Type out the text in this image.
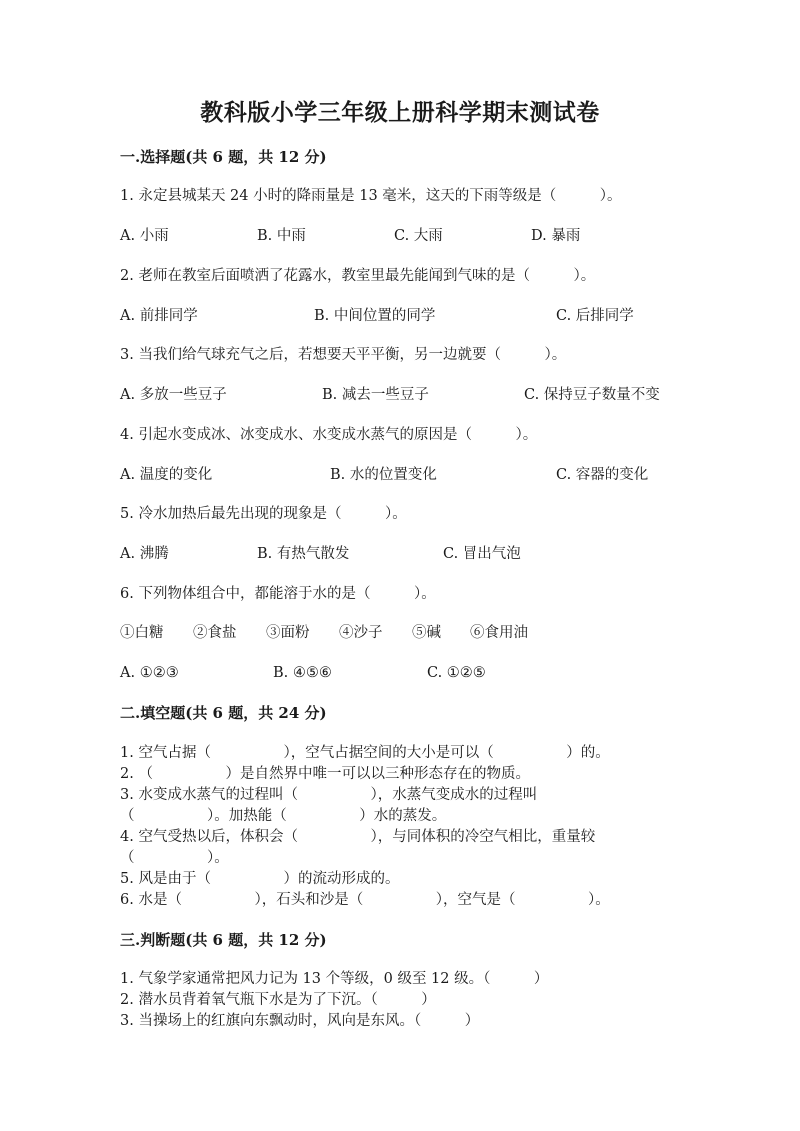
教科版小学三年级上册科学期末测试卷
一.选择题(共 6 题，共 12 分)
1. 永定县城某天 24 小时的降雨量是 13 毫米，这天的下雨等级是（　　　）。
A. 小雨	B. 中雨	C. 大雨	D. 暴雨
2. 老师在教室后面喷洒了花露水，教室里最先能闻到气味的是（　　　）。
A. 前排同学	B. 中间位置的同学	C. 后排同学
3. 当我们给气球充气之后，若想要天平平衡，另一边就要（　　　）。
A. 多放一些豆子	B. 减去一些豆子	C. 保持豆子数量不变
4. 引起水变成冰、冰变成水、水变成水蒸气的原因是（　　　）。
A. 温度的变化	B. 水的位置变化	C. 容器的变化
5. 冷水加热后最先出现的现象是（　　　）。
A. 沸腾	B. 有热气散发	C. 冒出气泡
6. 下列物体组合中，都能溶于水的是（　　　）。
①白糖 ②食盐 ③面粉 ④沙子 ⑤碱 ⑥食用油
A. ①②③	B. ④⑤⑥	C. ①②⑤
二.填空题(共 6 题，共 24 分)
1. 空气占据（　　　　　），空气占据空间的大小是可以（　　　　　）的。
2. （　　　　　）是自然界中唯一可以以三种形态存在的物质。
3. 水变成水蒸气的过程叫（　　　　　），水蒸气变成水的过程叫
（　　　　　）。加热能（　　　　　）水的蒸发。
4. 空气受热以后，体积会（　　　　　），与同体积的冷空气相比，重量较
（　　　　　）。
5. 风是由于（　　　　　）的流动形成的。
6. 水是（　　　　　），石头和沙是（　　　　　），空气是（　　　　　）。
三.判断题(共 6 题，共 12 分)
1. 气象学家通常把风力记为 13 个等级，0 级至 12 级。（　　　）
2. 潜水员背着氧气瓶下水是为了下沉。（　　　）
3. 当操场上的红旗向东飘动时，风向是东风。（　　　）
